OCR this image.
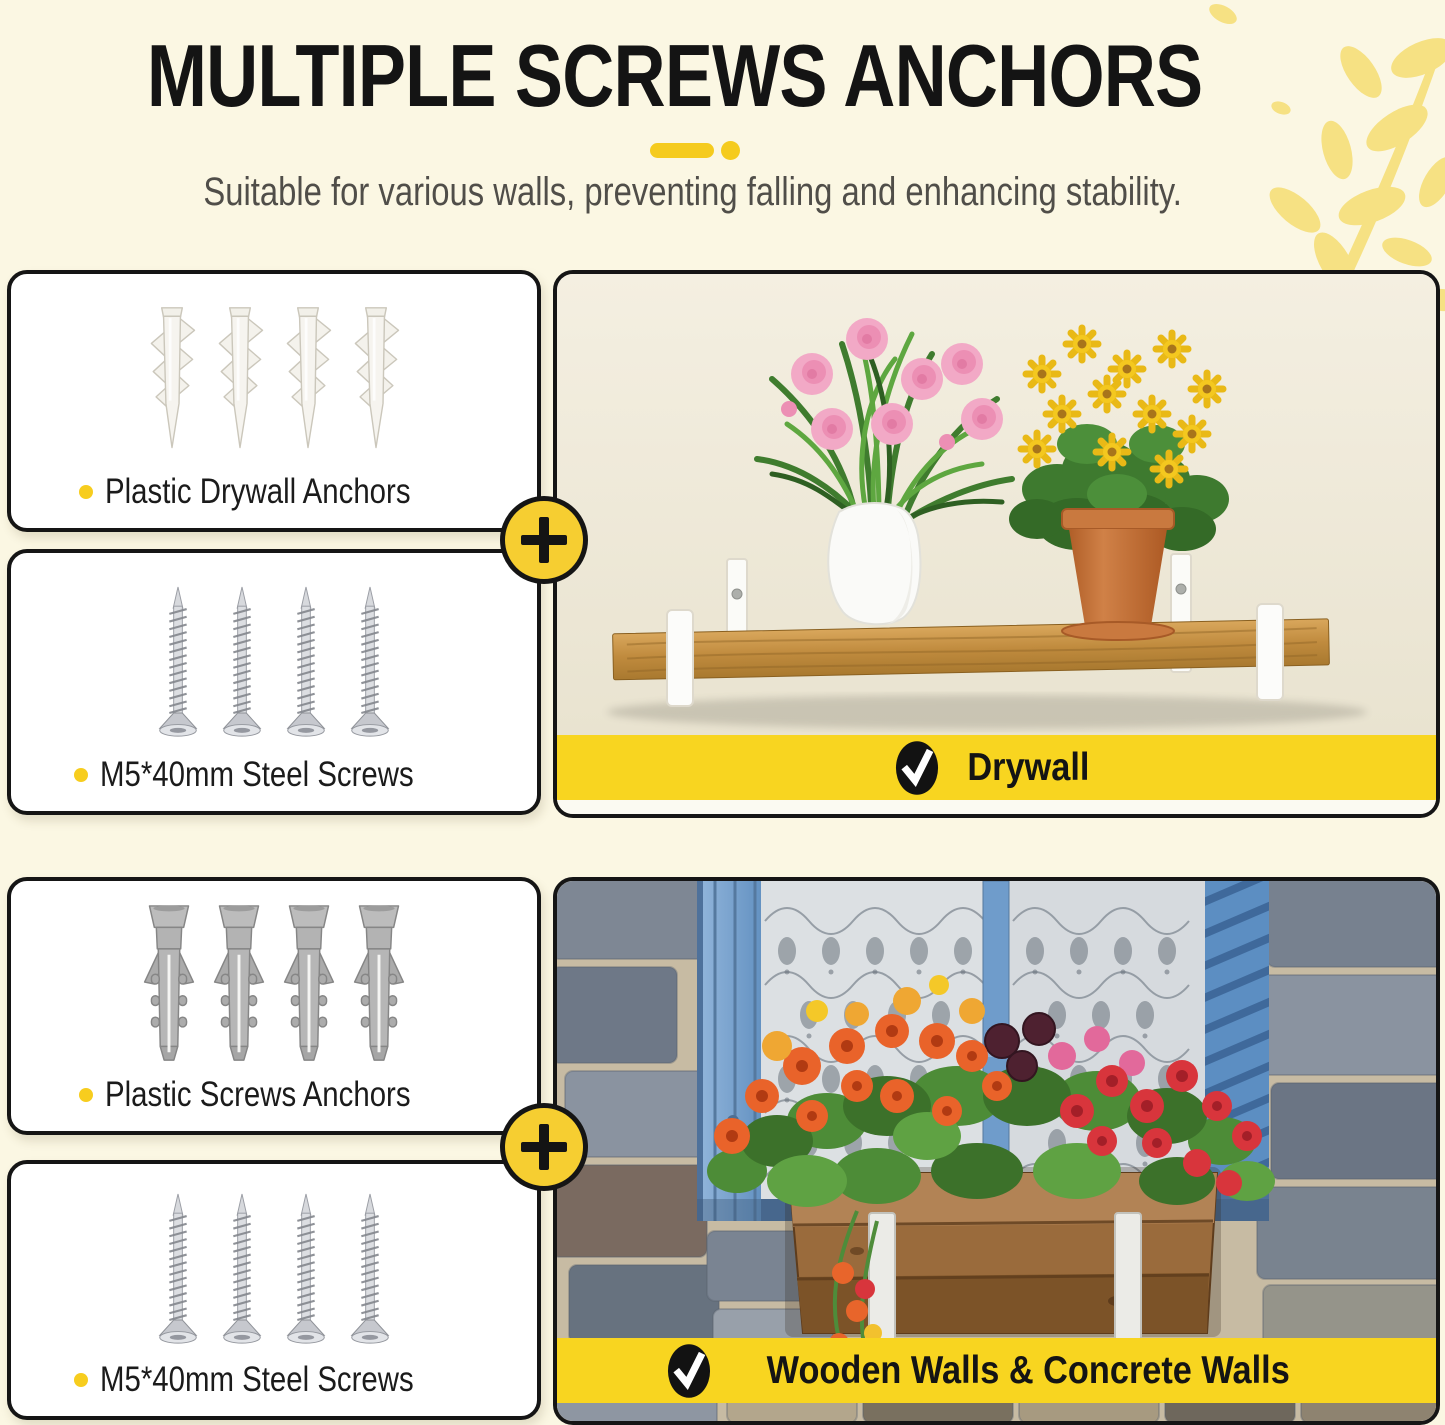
MULTIPLE SCREWS ANCHORS
Suitable for various walls, preventing falling and enhancing stability.
Plastic Drywall Anchors
M5*40mm Steel Screws	Drywall
Plastic Screws Anchors
M5*40mm Steel Screws	Wooden Walls & Concrete Walls
